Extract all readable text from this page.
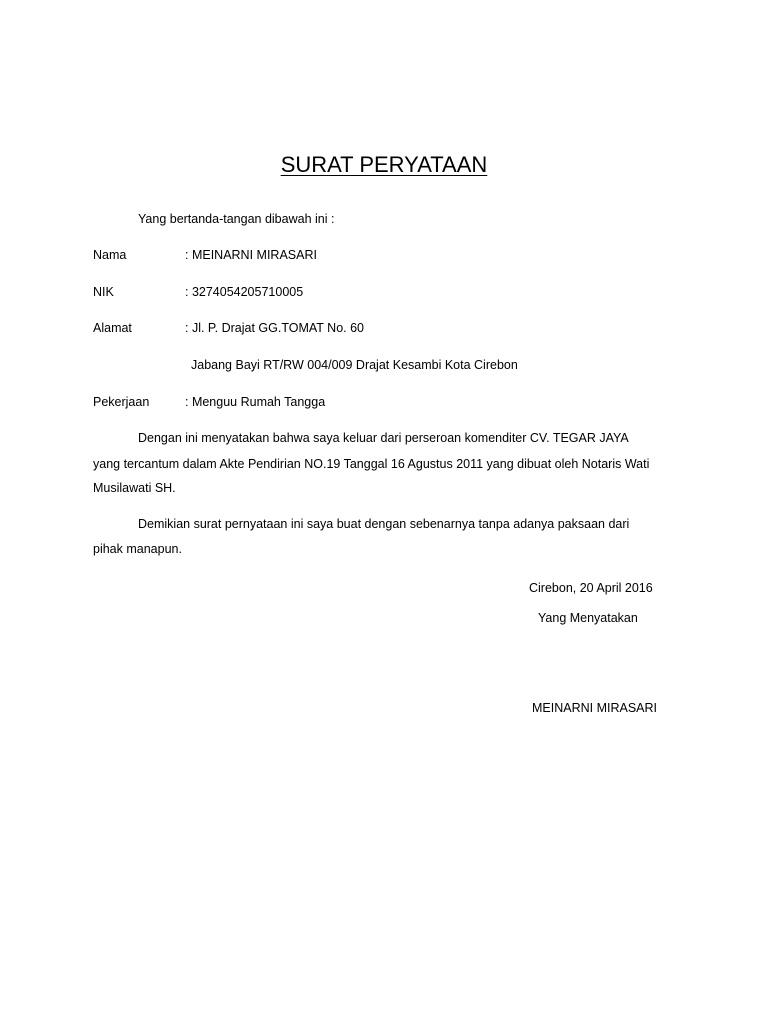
SURAT PERYATAAN
Yang bertanda-tangan dibawah ini :
Nama	: MEINARNI MIRASARI
NIK	: 3274054205710005
Alamat	: Jl. P. Drajat GG.TOMAT No. 60
Jabang Bayi RT/RW 004/009 Drajat Kesambi Kota Cirebon
Pekerjaan	: Menguu Rumah Tangga
Dengan ini menyatakan bahwa saya keluar dari perseroan komenditer CV. TEGAR JAYA
yang tercantum dalam Akte Pendirian NO.19 Tanggal 16 Agustus 2011 yang dibuat oleh Notaris Wati
Musilawati SH.
Demikian surat pernyataan ini saya buat dengan sebenarnya tanpa adanya paksaan dari
pihak manapun.
Cirebon, 20 April 2016
Yang Menyatakan
MEINARNI MIRASARI
